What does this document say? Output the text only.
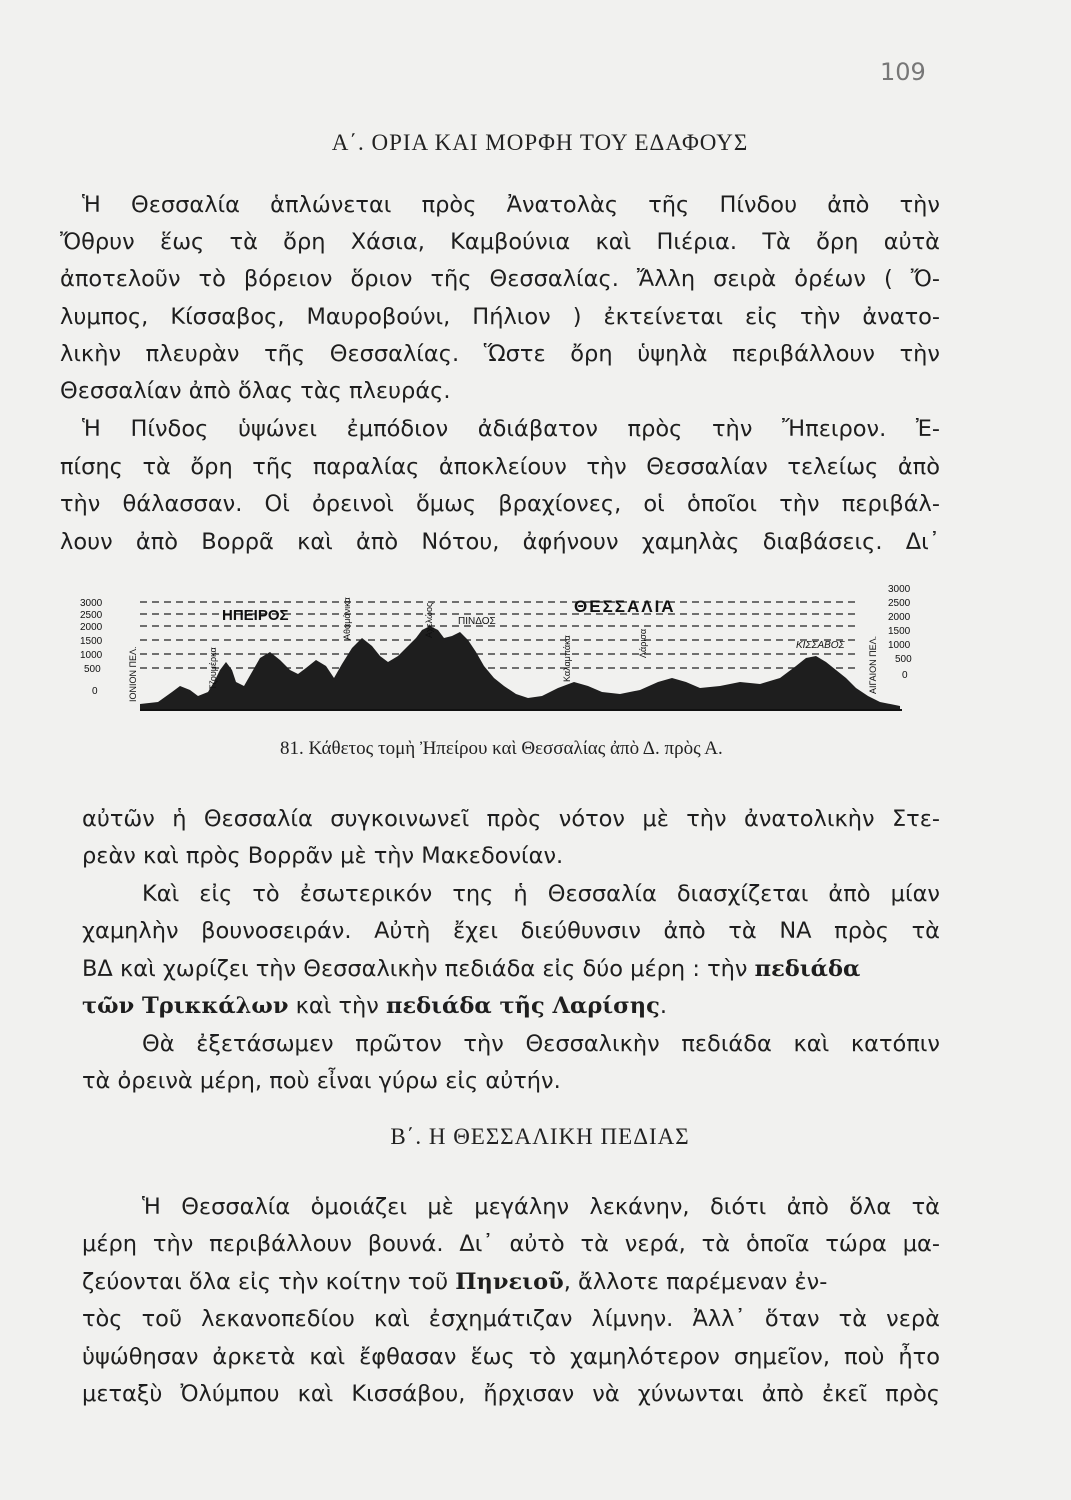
109
Α΄. ΟΡΙΑ ΚΑΙ ΜΟΡΦΗ ΤΟΥ ΕΔΑΦΟΥΣ
Ἡ Θεσσαλία ἁπλώνεται πρὸς Ἀνατολὰς τῆς Πίνδου ἀπὸ τὴν
Ὄθρυν ἕως τὰ ὄρη Χάσια, Καμβούνια καὶ Πιέρια. Τὰ ὄρη αὐτὰ
ἀποτελοῦν τὸ βόρειον ὅριον τῆς Θεσσαλίας. Ἄλλη σειρὰ ὀρέων ( Ὄ-
λυμπος, Κίσσαβος, Μαυροβούνι, Πήλιον ) ἐκτείνεται εἰς τὴν ἀνατο-
λικὴν πλευρὰν τῆς Θεσσαλίας. Ὥστε ὄρη ὑψηλὰ περιβάλλουν τὴν
Θεσσαλίαν ἀπὸ ὅλας τὰς πλευράς.
Ἡ Πίνδος ὑψώνει ἐμπόδιον ἀδιάβατον πρὸς τὴν Ἤπειρον. Ἐ-
πίσης τὰ ὄρη τῆς παραλίας ἀποκλείουν τὴν Θεσσαλίαν τελείως ἀπὸ
τὴν θάλασσαν. Οἱ ὀρεινοὶ ὅμως βραχίονες, οἱ ὁποῖοι τὴν περιβάλ-
λουν ἀπὸ Βορρᾶ καὶ ἀπὸ Νότου, ἀφήνουν χαμηλὰς διαβάσεις. Δι᾽
3000
2500
2000
1500
1000
500
0
3000
2500
2000
1500
1000
500
0
ΗΠΕΙΡΟΣ	ΘΕΣΣΑΛΙΑ
ΠΙΝΔΟΣ
ΚΙΣΣΑΒΟΣ
ΙΟΝΙΟΝ ΠΕΛ.	Τζουμέρκα
Αθαμάνικα	Αχελώος
Καλαμπάκα	Λάρισα	ΑΙΓΑΙΟΝ ΠΕΛ.
81. Κάθετος τομὴ Ἠπείρου καὶ Θεσσαλίας ἀπὸ Δ. πρὸς Α.
αὐτῶν ἡ Θεσσαλία συγκοινωνεῖ πρὸς νότον μὲ τὴν ἀνατολικὴν Στε-
ρεὰν καὶ πρὸς Βορρᾶν μὲ τὴν Μακεδονίαν.
Καὶ εἰς τὸ ἐσωτερικόν της ἡ Θεσσαλία διασχίζεται ἀπὸ μίαν
χαμηλὴν βουνοσειράν. Αὐτὴ ἔχει διεύθυνσιν ἀπὸ τὰ ΝΑ πρὸς τὰ
ΒΔ καὶ χωρίζει τὴν Θεσσαλικὴν πεδιάδα εἰς δύο μέρη : τὴν πεδιάδα
τῶν Τρικκάλων καὶ τὴν πεδιάδα τῆς Λαρίσης.
Θὰ ἐξετάσωμεν πρῶτον τὴν Θεσσαλικὴν πεδιάδα καὶ κατόπιν
τὰ ὀρεινὰ μέρη, ποὺ εἶναι γύρω εἰς αὐτήν.
Β΄. Η ΘΕΣΣΑΛΙΚΗ ΠΕΔΙΑΣ
Ἡ Θεσσαλία ὁμοιάζει μὲ μεγάλην λεκάνην, διότι ἀπὸ ὅλα τὰ
μέρη τὴν περιβάλλουν βουνά. Δι᾽ αὐτὸ τὰ νερά, τὰ ὁποῖα τώρα μα-
ζεύονται ὅλα εἰς τὴν κοίτην τοῦ Πηνειοῦ, ἄλλοτε παρέμεναν ἐν-
τὸς τοῦ λεκανοπεδίου καὶ ἐσχημάτιζαν λίμνην. Ἀλλ᾽ ὅταν τὰ νερὰ
ὑψώθησαν ἀρκετὰ καὶ ἔφθασαν ἕως τὸ χαμηλότερον σημεῖον, ποὺ ἦτο
μεταξὺ Ὀλύμπου καὶ Κισσάβου, ἤρχισαν νὰ χύνωνται ἀπὸ ἐκεῖ πρὸς
